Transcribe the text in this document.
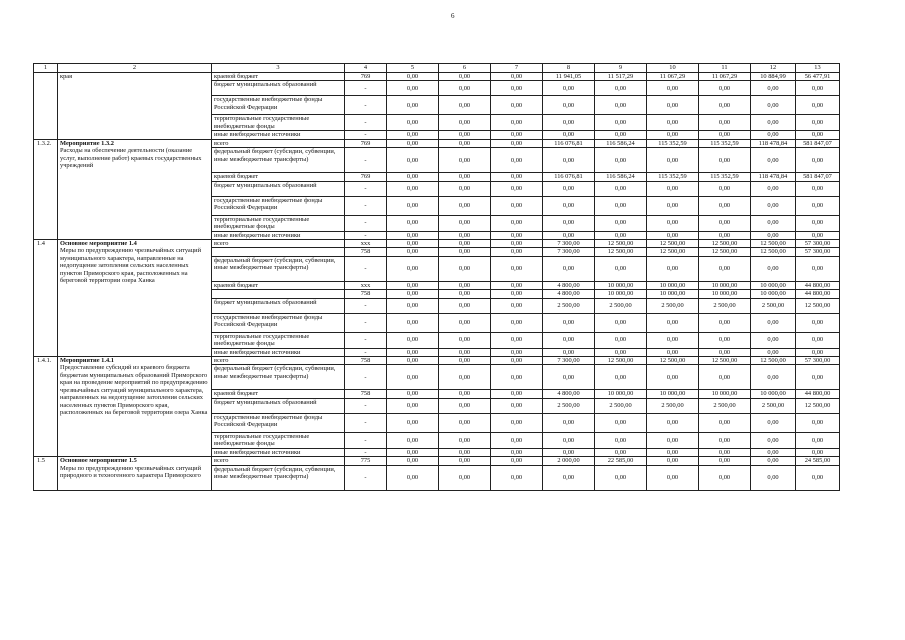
6
1	2	3	4	5	6	7	8	9	10	11	12	13

	края	краевой бюджет	769	0,00	0,00	0,00	11 941,05	11 517,29	11 067,29	11 067,29	10 884,99	56 477,91
		бюджет муниципальных образований	-	0,00	0,00	0,00	0,00	0,00	0,00	0,00	0,00	0,00
		государственные внебюджетные фонды Российской Федерации	-	0,00	0,00	0,00	0,00	0,00	0,00	0,00	0,00	0,00
		территориальные государственные внебюджетные фонды	-	0,00	0,00	0,00	0,00	0,00	0,00	0,00	0,00	0,00
		иные внебюджетные источники	-	0,00	0,00	0,00	0,00	0,00	0,00	0,00	0,00	0,00
1.3.2.	Мероприятие 1.3.2
Расходы на обеспечение деятельности (оказание услуг, выполнение работ) краевых государственных учреждений	всего	769	0,00	0,00	0,00	116 076,81	116 586,24	115 352,59	115 352,59	118 478,84	581 847,07
		федеральный бюджет (субсидии, субвенции, иные межбюджетные трансферты)	-	0,00	0,00	0,00	0,00	0,00	0,00	0,00	0,00	0,00
		краевой бюджет	769	0,00	0,00	0,00	116 076,81	116 586,24	115 352,59	115 352,59	118 478,84	581 847,07
		бюджет муниципальных образований	-	0,00	0,00	0,00	0,00	0,00	0,00	0,00	0,00	0,00
		государственные внебюджетные фонды Российской Федерации	-	0,00	0,00	0,00	0,00	0,00	0,00	0,00	0,00	0,00
		территориальные государственные внебюджетные фонды	-	0,00	0,00	0,00	0,00	0,00	0,00	0,00	0,00	0,00
		иные внебюджетные источники	-	0,00	0,00	0,00	0,00	0,00	0,00	0,00	0,00	0,00
1.4	Основное мероприятие 1.4
Меры по предупреждению чрезвычайных ситуаций муниципального характера, направленные на недопущение затопления сельских населенных пунктов Приморского края, расположенных на береговой территории озера Ханка	всего	xxx	0,00	0,00	0,00	7 300,00	12 500,00	12 500,00	12 500,00	12 500,00	57 300,00
			758	0,00	0,00	0,00	7 300,00	12 500,00	12 500,00	12 500,00	12 500,00	57 300,00
		федеральный бюджет (субсидии, субвенции, иные межбюджетные трансферты)	-	0,00	0,00	0,00	0,00	0,00	0,00	0,00	0,00	0,00
		краевой бюджет	xxx	0,00	0,00	0,00	4 800,00	10 000,00	10 000,00	10 000,00	10 000,00	44 800,00
			758	0,00	0,00	0,00	4 800,00	10 000,00	10 000,00	10 000,00	10 000,00	44 800,00
		бюджет муниципальных образований	-	0,00	0,00	0,00	2 500,00	2 500,00	2 500,00	2 500,00	2 500,00	12 500,00
		государственные внебюджетные фонды Российской Федерации	-	0,00	0,00	0,00	0,00	0,00	0,00	0,00	0,00	0,00
		территориальные государственные внебюджетные фонды	-	0,00	0,00	0,00	0,00	0,00	0,00	0,00	0,00	0,00
		иные внебюджетные источники	-	0,00	0,00	0,00	0,00	0,00	0,00	0,00	0,00	0,00
1.4.1.	Мероприятие 1.4.1
Предоставление субсидий из краевого бюджета бюджетам муниципальных образований Приморского края на проведение мероприятий по предупреждению чрезвычайных ситуаций муниципального характера, направленных на недопущение затопления сельских населенных пунктов Приморского края, расположенных на береговой территории озера Ханка	всего	758	0,00	0,00	0,00	7 300,00	12 500,00	12 500,00	12 500,00	12 500,00	57 300,00
		федеральный бюджет (субсидии, субвенции, иные межбюджетные трансферты)	-	0,00	0,00	0,00	0,00	0,00	0,00	0,00	0,00	0,00
		краевой бюджет	758	0,00	0,00	0,00	4 800,00	10 000,00	10 000,00	10 000,00	10 000,00	44 800,00
		бюджет муниципальных образований	-	0,00	0,00	0,00	2 500,00	2 500,00	2 500,00	2 500,00	2 500,00	12 500,00
		государственные внебюджетные фонды Российской Федерации	-	0,00	0,00	0,00	0,00	0,00	0,00	0,00	0,00	0,00
		территориальные государственные внебюджетные фонды	-	0,00	0,00	0,00	0,00	0,00	0,00	0,00	0,00	0,00
		иные внебюджетные источники	-	0,00	0,00	0,00	0,00	0,00	0,00	0,00	0,00	0,00
1.5	Основное мероприятие 1.5
Меры по предупреждению чрезвычайных ситуаций природного и техногенного характера Приморского	всего	775	0,00	0,00	0,00	2 000,00	22 585,00	0,00	0,00	0,00	24 585,00
		федеральный бюджет (субсидии, субвенции, иные межбюджетные трансферты)	-	0,00	0,00	0,00	0,00	0,00	0,00	0,00	0,00	0,00
